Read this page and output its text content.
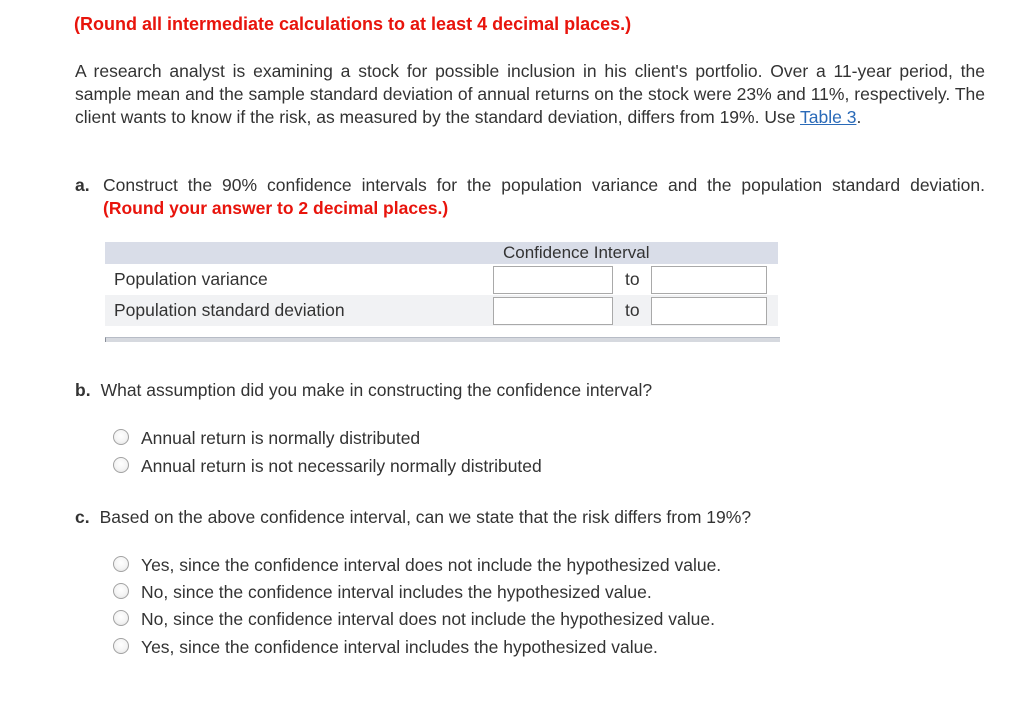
(Round all intermediate calculations to at least 4 decimal places.)
A research analyst is examining a stock for possible inclusion in his client's portfolio. Over a 11-year period, the sample mean and the sample standard deviation of annual returns on the stock were 23% and 11%, respectively. The client wants to know if the risk, as measured by the standard deviation, differs from 19%. Use Table 3.
a. Construct the 90% confidence intervals for the population variance and the population standard deviation. (Round your answer to 2 decimal places.)
Confidence Interval
Population variance	to
Population standard deviation	to
b. What assumption did you make in constructing the confidence interval?
Annual return is normally distributed
Annual return is not necessarily normally distributed
c. Based on the above confidence interval, can we state that the risk differs from 19%?
Yes, since the confidence interval does not include the hypothesized value.
No, since the confidence interval includes the hypothesized value.
No, since the confidence interval does not include the hypothesized value.
Yes, since the confidence interval includes the hypothesized value.
